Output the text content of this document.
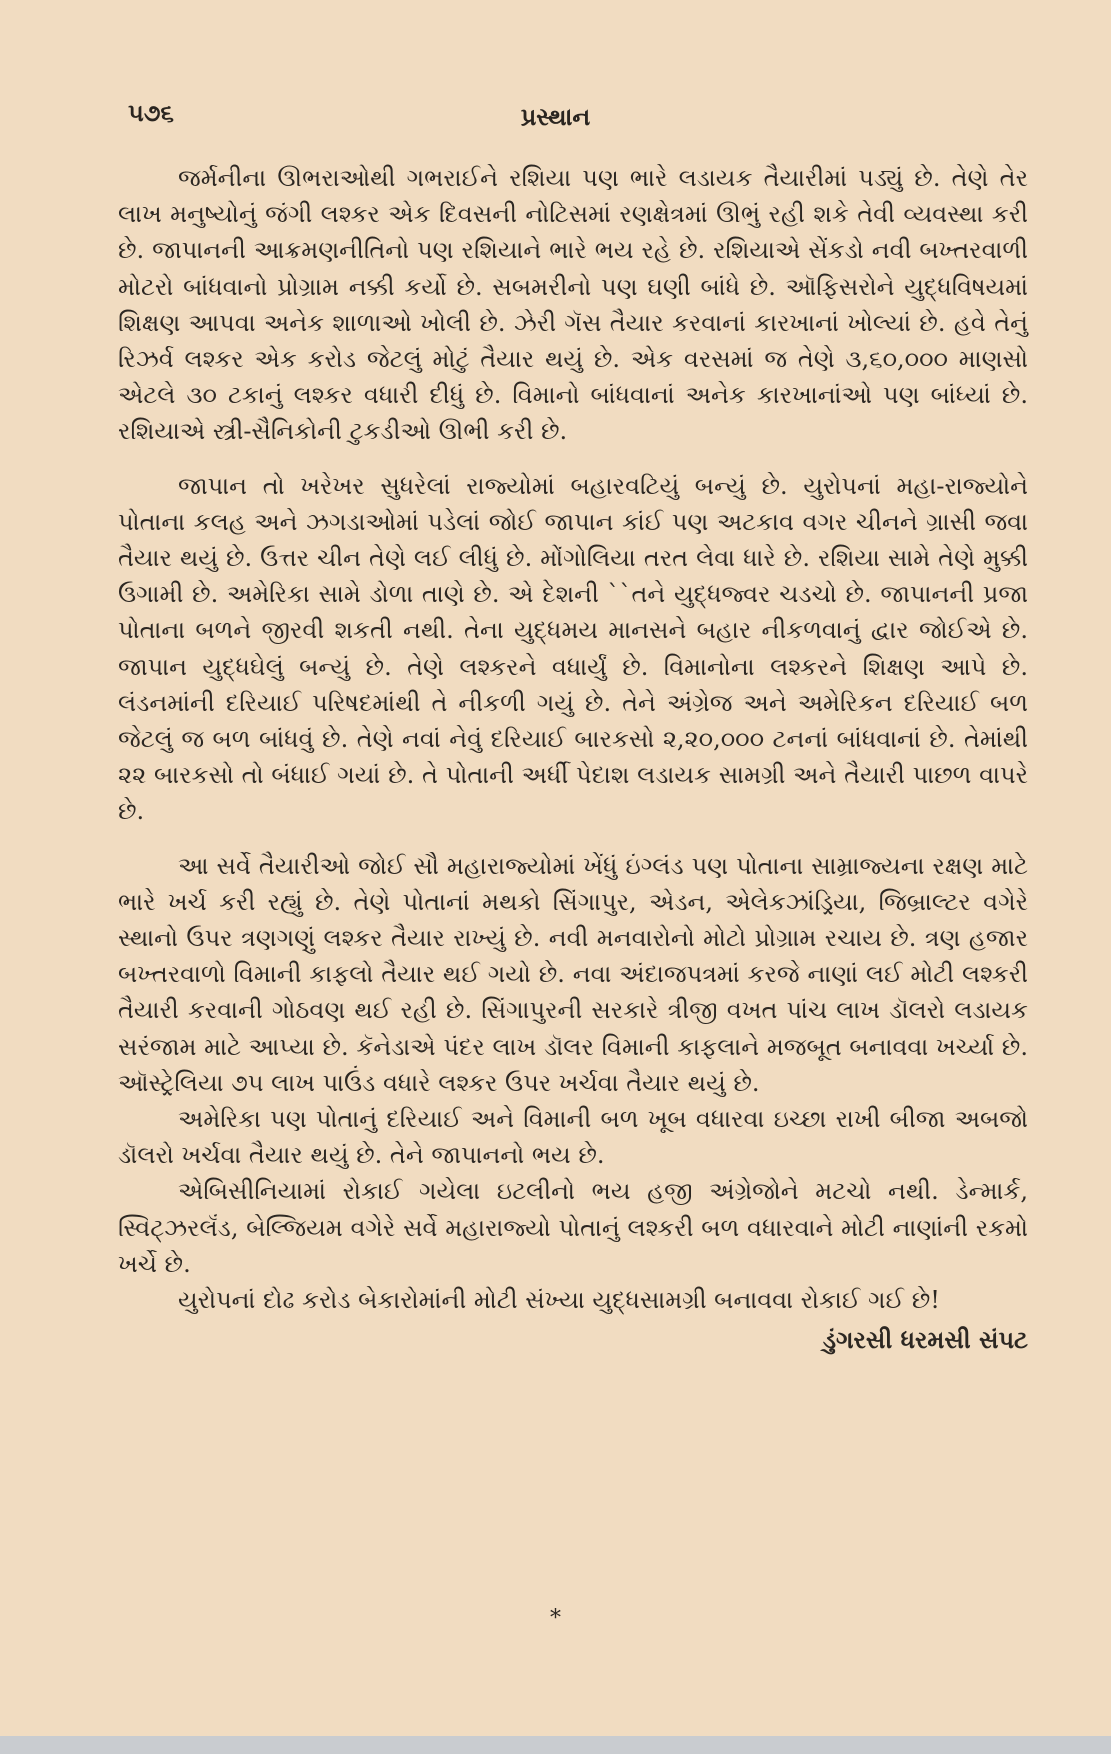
૫૭૬	પ્રસ્થાન

જર્મનીના ઊભરાઓથી ગભરાઈને રશિયા પણ ભારે લડાયક તૈયારીમાં પડ્યું છે. તેણે તેર લાખ મનુષ્યોનું જંગી લશ્કર એક દિવસની નોટિસમાં રણક્ષેત્રમાં ઊભું રહી શકે તેવી વ્યવસ્થા કરી છે. જાપાનની આક્રમણનીતિનો પણ રશિયાને ભારે ભય રહે છે. રશિયાએ સેંકડો નવી બખ્તરવાળી મોટરો બાંધવાનો પ્રોગ્રામ નક્કી કર્યો છે. સબમરીનો પણ ઘણી બાંધે છે. ઑફિસરોને યુદ્ધવિષયમાં શિક્ષણ આપવા અનેક શાળાઓ ખોલી છે. ઝેરી ગૅસ તૈયાર કરવાનાં કારખાનાં ખોલ્યાં છે. હવે તેનું રિઝર્વ લશ્કર એક કરોડ જેટલું મોટું તૈયાર થયું છે. એક વરસમાં જ તેણે ૩,૬૦,૦૦૦ માણસો એટલે ૩૦ ટકાનું લશ્કર વધારી દીધું છે. વિમાનો બાંધવાનાં અનેક કારખાનાંઓ પણ બાંધ્યાં છે. રશિયાએ સ્ત્રી-સૈનિકોની ટુકડીઓ ઊભી કરી છે.

જાપાન તો ખરેખર સુધરેલાં રાજ્યોમાં બહારવટિયું બન્યું છે. યુરોપનાં મહા-રાજ્યોને પોતાના કલહ અને ઝગડાઓમાં પડેલાં જોઈ જાપાન કાંઈ પણ અટકાવ વગર ચીનને ગ્રાસી જવા તૈયાર થયું છે. ઉત્તર ચીન તેણે લઈ લીધું છે. મોંગોલિયા તરત લેવા ધારે છે. રશિયા સામે તેણે મુક્કી ઉગામી છે. અમેરિકા સામે ડોળા તાણે છે. એ દેશની ``તને યુદ્ધજ્વર ચડચો છે. જાપાનની પ્રજા પોતાના બળને જીરવી શકતી નથી. તેના યુદ્ધમય માનસને બહાર નીકળવાનું દ્વાર જોઈએ છે. જાપાન યુદ્ધઘેલું બન્યું છે. તેણે લશ્કરને વધાર્યું છે. વિમાનોના લશ્કરને શિક્ષણ આપે છે. લંડનમાંની દરિયાઈ પરિષદમાંથી તે નીકળી ગયું છે. તેને અંગ્રેજ અને અમેરિકન દરિયાઈ બળ જેટલું જ બળ બાંધવું છે. તેણે નવાં નેવું દરિયાઈ બારકસો ૨,૨૦,૦૦૦ ટનનાં બાંધવાનાં છે. તેમાંથી ૨૨ બારકસો તો બંધાઈ ગયાં છે. તે પોતાની અર્ધી પેદાશ લડાયક સામગ્રી અને તૈયારી પાછળ વાપરે છે.

આ સર્વે તૈયારીઓ જોઈ સૌ મહારાજ્યોમાં ખેંધું ઇંગ્લંડ પણ પોતાના સામ્રાજ્યના રક્ષણ માટે ભારે ખર્ચ કરી રહ્યું છે. તેણે પોતાનાં મથકો સિંગાપુર, એડન, એલેકઝાંડ્રિયા, જિબ્રાલ્ટર વગેરે સ્થાનો ઉપર ત્રણગણું લશ્કર તૈયાર રાખ્યું છે. નવી મનવારોનો મોટો પ્રોગ્રામ રચાય છે. ત્રણ હજાર બખ્તરવાળો વિમાની કાફલો તૈયાર થઈ ગયો છે. નવા અંદાજપત્રમાં કરજે નાણાં લઈ મોટી લશ્કરી તૈયારી કરવાની ગોઠવણ થઈ રહી છે. સિંગાપુરની સરકારે ત્રીજી વખત પાંચ લાખ ડૉલરો લડાયક સરંજામ માટે આપ્યા છે. કૅનેડાએ પંદર લાખ ડૉલર વિમાની કાફલાને મજબૂત બનાવવા ખર્ચ્યા છે. ઑસ્ટ્રેલિયા ૭૫ લાખ પાઉંડ વધારે લશ્કર ઉપર ખર્ચવા તૈયાર થયું છે.

અમેરિકા પણ પોતાનું દરિયાઈ અને વિમાની બળ ખૂબ વધારવા ઇચ્છા રાખી બીજા અબજો ડૉલરો ખર્ચવા તૈયાર થયું છે. તેને જાપાનનો ભય છે.

એબિસીનિયામાં રોકાઈ ગયેલા ઇટલીનો ભય હજી અંગ્રેજોને મટચો નથી. ડેન્માર્ક, સ્વિટ્ઝરલૅંડ, બેલ્જિયમ વગેરે સર્વે મહારાજ્યો પોતાનું લશ્કરી બળ વધારવાને મોટી નાણાંની રકમો ખર્ચે છે.

યુરોપનાં દોઢ કરોડ બેકારોમાંની મોટી સંખ્યા યુદ્ધસામગ્રી બનાવવા રોકાઈ ગઈ છે!

ડુંગરસી ધરમસી સંપટ

*
